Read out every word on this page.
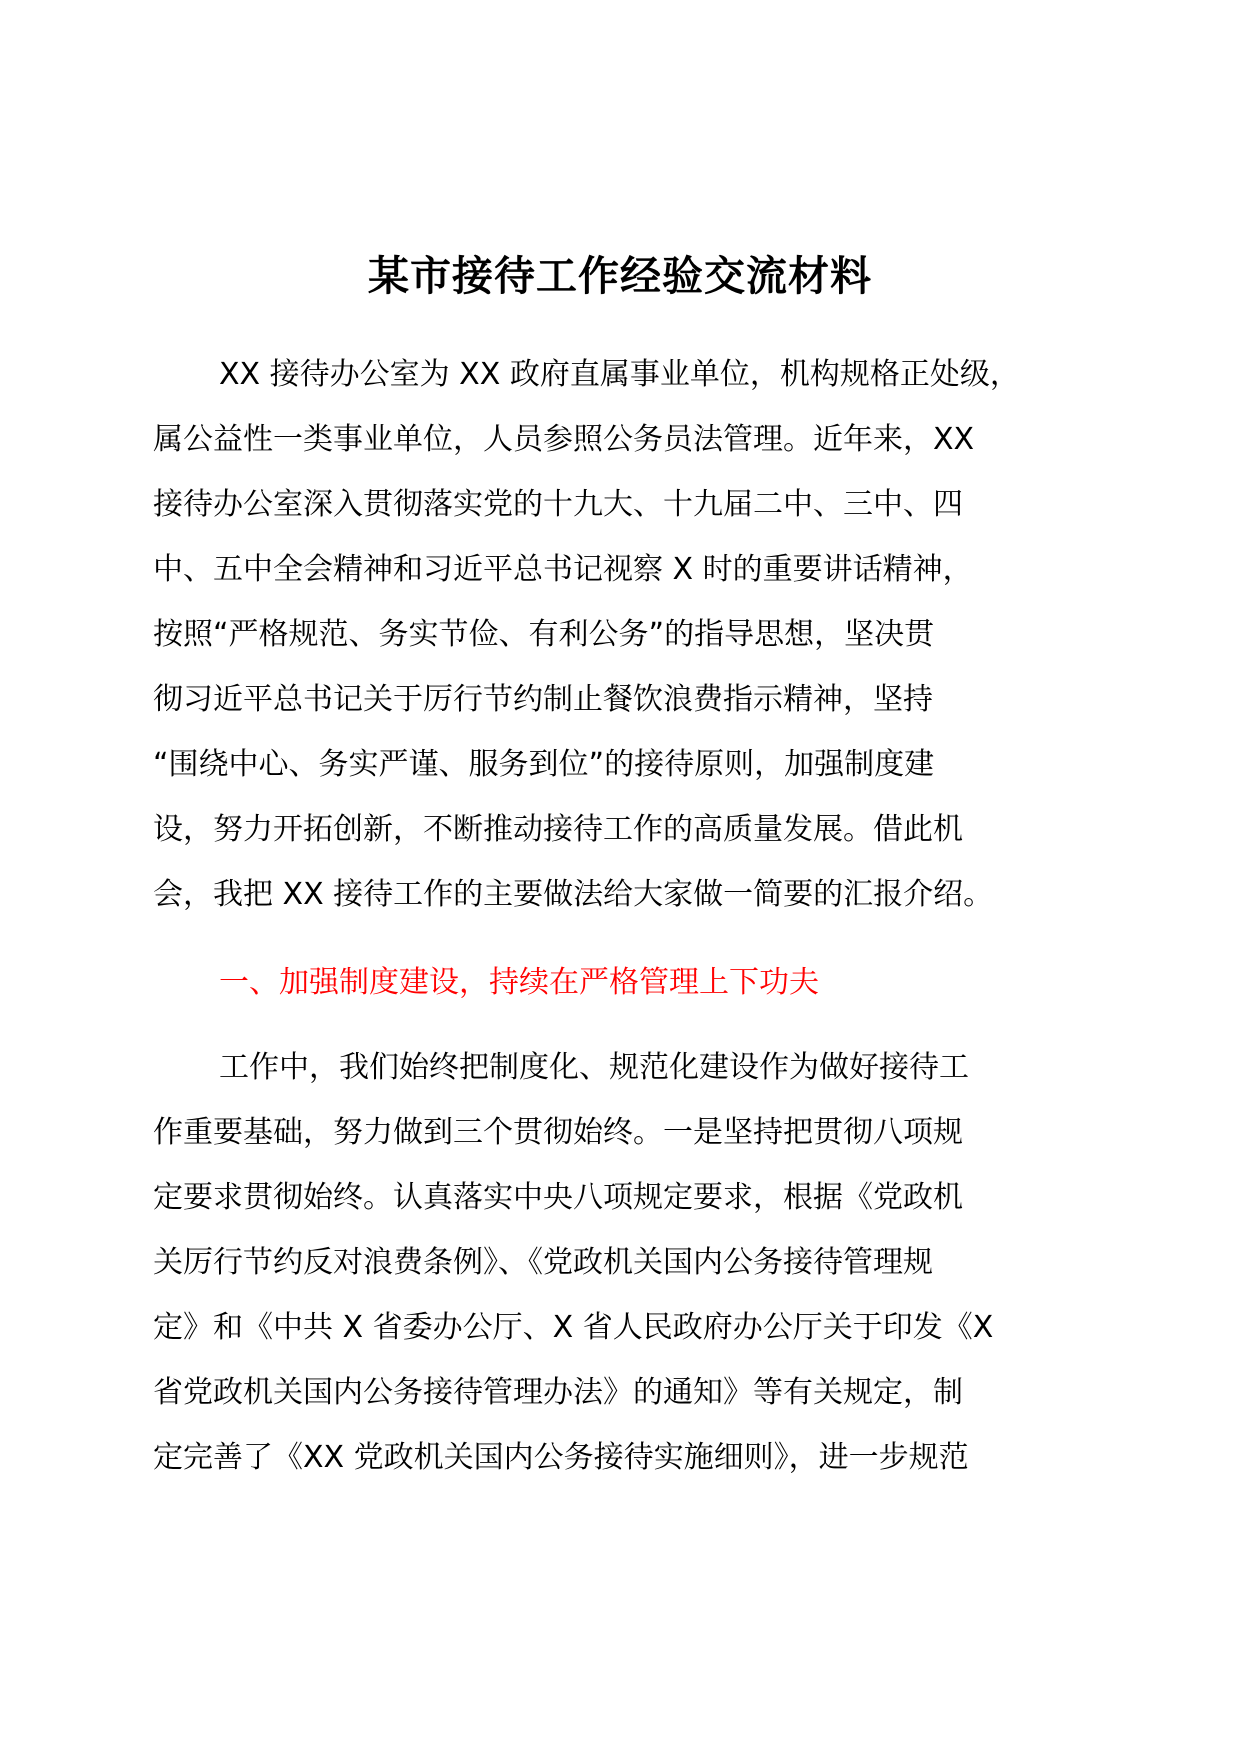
某市接待工作经验交流材料
XX 接待办公室为 XX 政府直属事业单位，机构规格正处级，
属公益性一类事业单位，人员参照公务员法管理。近年来，XX
接待办公室深入贯彻落实党的十九大、十九届二中、三中、四
中、五中全会精神和习近平总书记视察 X 时的重要讲话精神，
按照“严格规范、务实节俭、有利公务”的指导思想，坚决贯
彻习近平总书记关于厉行节约制止餐饮浪费指示精神，坚持
“围绕中心、务实严谨、服务到位”的接待原则，加强制度建
设，努力开拓创新，不断推动接待工作的高质量发展。借此机
会，我把 XX 接待工作的主要做法给大家做一简要的汇报介绍。
一、加强制度建设，持续在严格管理上下功夫
工作中，我们始终把制度化、规范化建设作为做好接待工
作重要基础，努力做到三个贯彻始终。一是坚持把贯彻八项规
定要求贯彻始终。认真落实中央八项规定要求，根据《党政机
关厉行节约反对浪费条例》、《党政机关国内公务接待管理规
定》和《中共 X 省委办公厅、X 省人民政府办公厅关于印发《X
省党政机关国内公务接待管理办法》的通知》等有关规定，制
定完善了《XX 党政机关国内公务接待实施细则》，进一步规范
